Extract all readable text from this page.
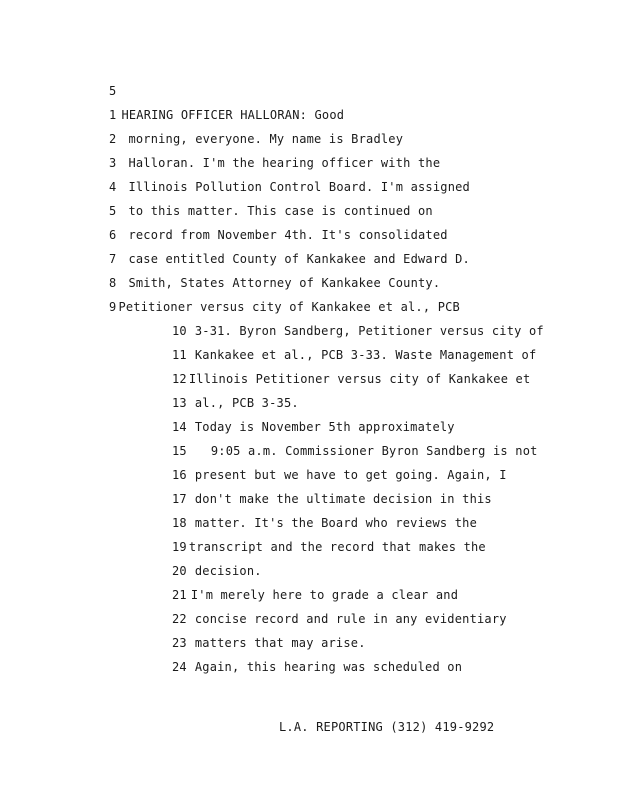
5
1 HEARING OFFICER HALLORAN: Good
2 morning, everyone. My name is Bradley
3 Halloran. I'm the hearing officer with the
4 Illinois Pollution Control Board. I'm assigned
5 to this matter. This case is continued on
6 record from November 4th. It's consolidated
7 case entitled County of Kankakee and Edward D.
8 Smith, States Attorney of Kankakee County.
9 Petitioner versus city of Kankakee et al., PCB
10 3-31. Byron Sandberg, Petitioner versus city of
11 Kankakee et al., PCB 3-33. Waste Management of
12 Illinois Petitioner versus city of Kankakee et
13 al., PCB 3-35.
14 Today is November 5th approximately
15 9:05 a.m. Commissioner Byron Sandberg is not
16 present but we have to get going. Again, I
17 don't make the ultimate decision in this
18 matter. It's the Board who reviews the
19 transcript and the record that makes the
20 decision.
21 I'm merely here to grade a clear and
22 concise record and rule in any evidentiary
23 matters that may arise.
24 Again, this hearing was scheduled on
L.A. REPORTING (312) 419-9292
